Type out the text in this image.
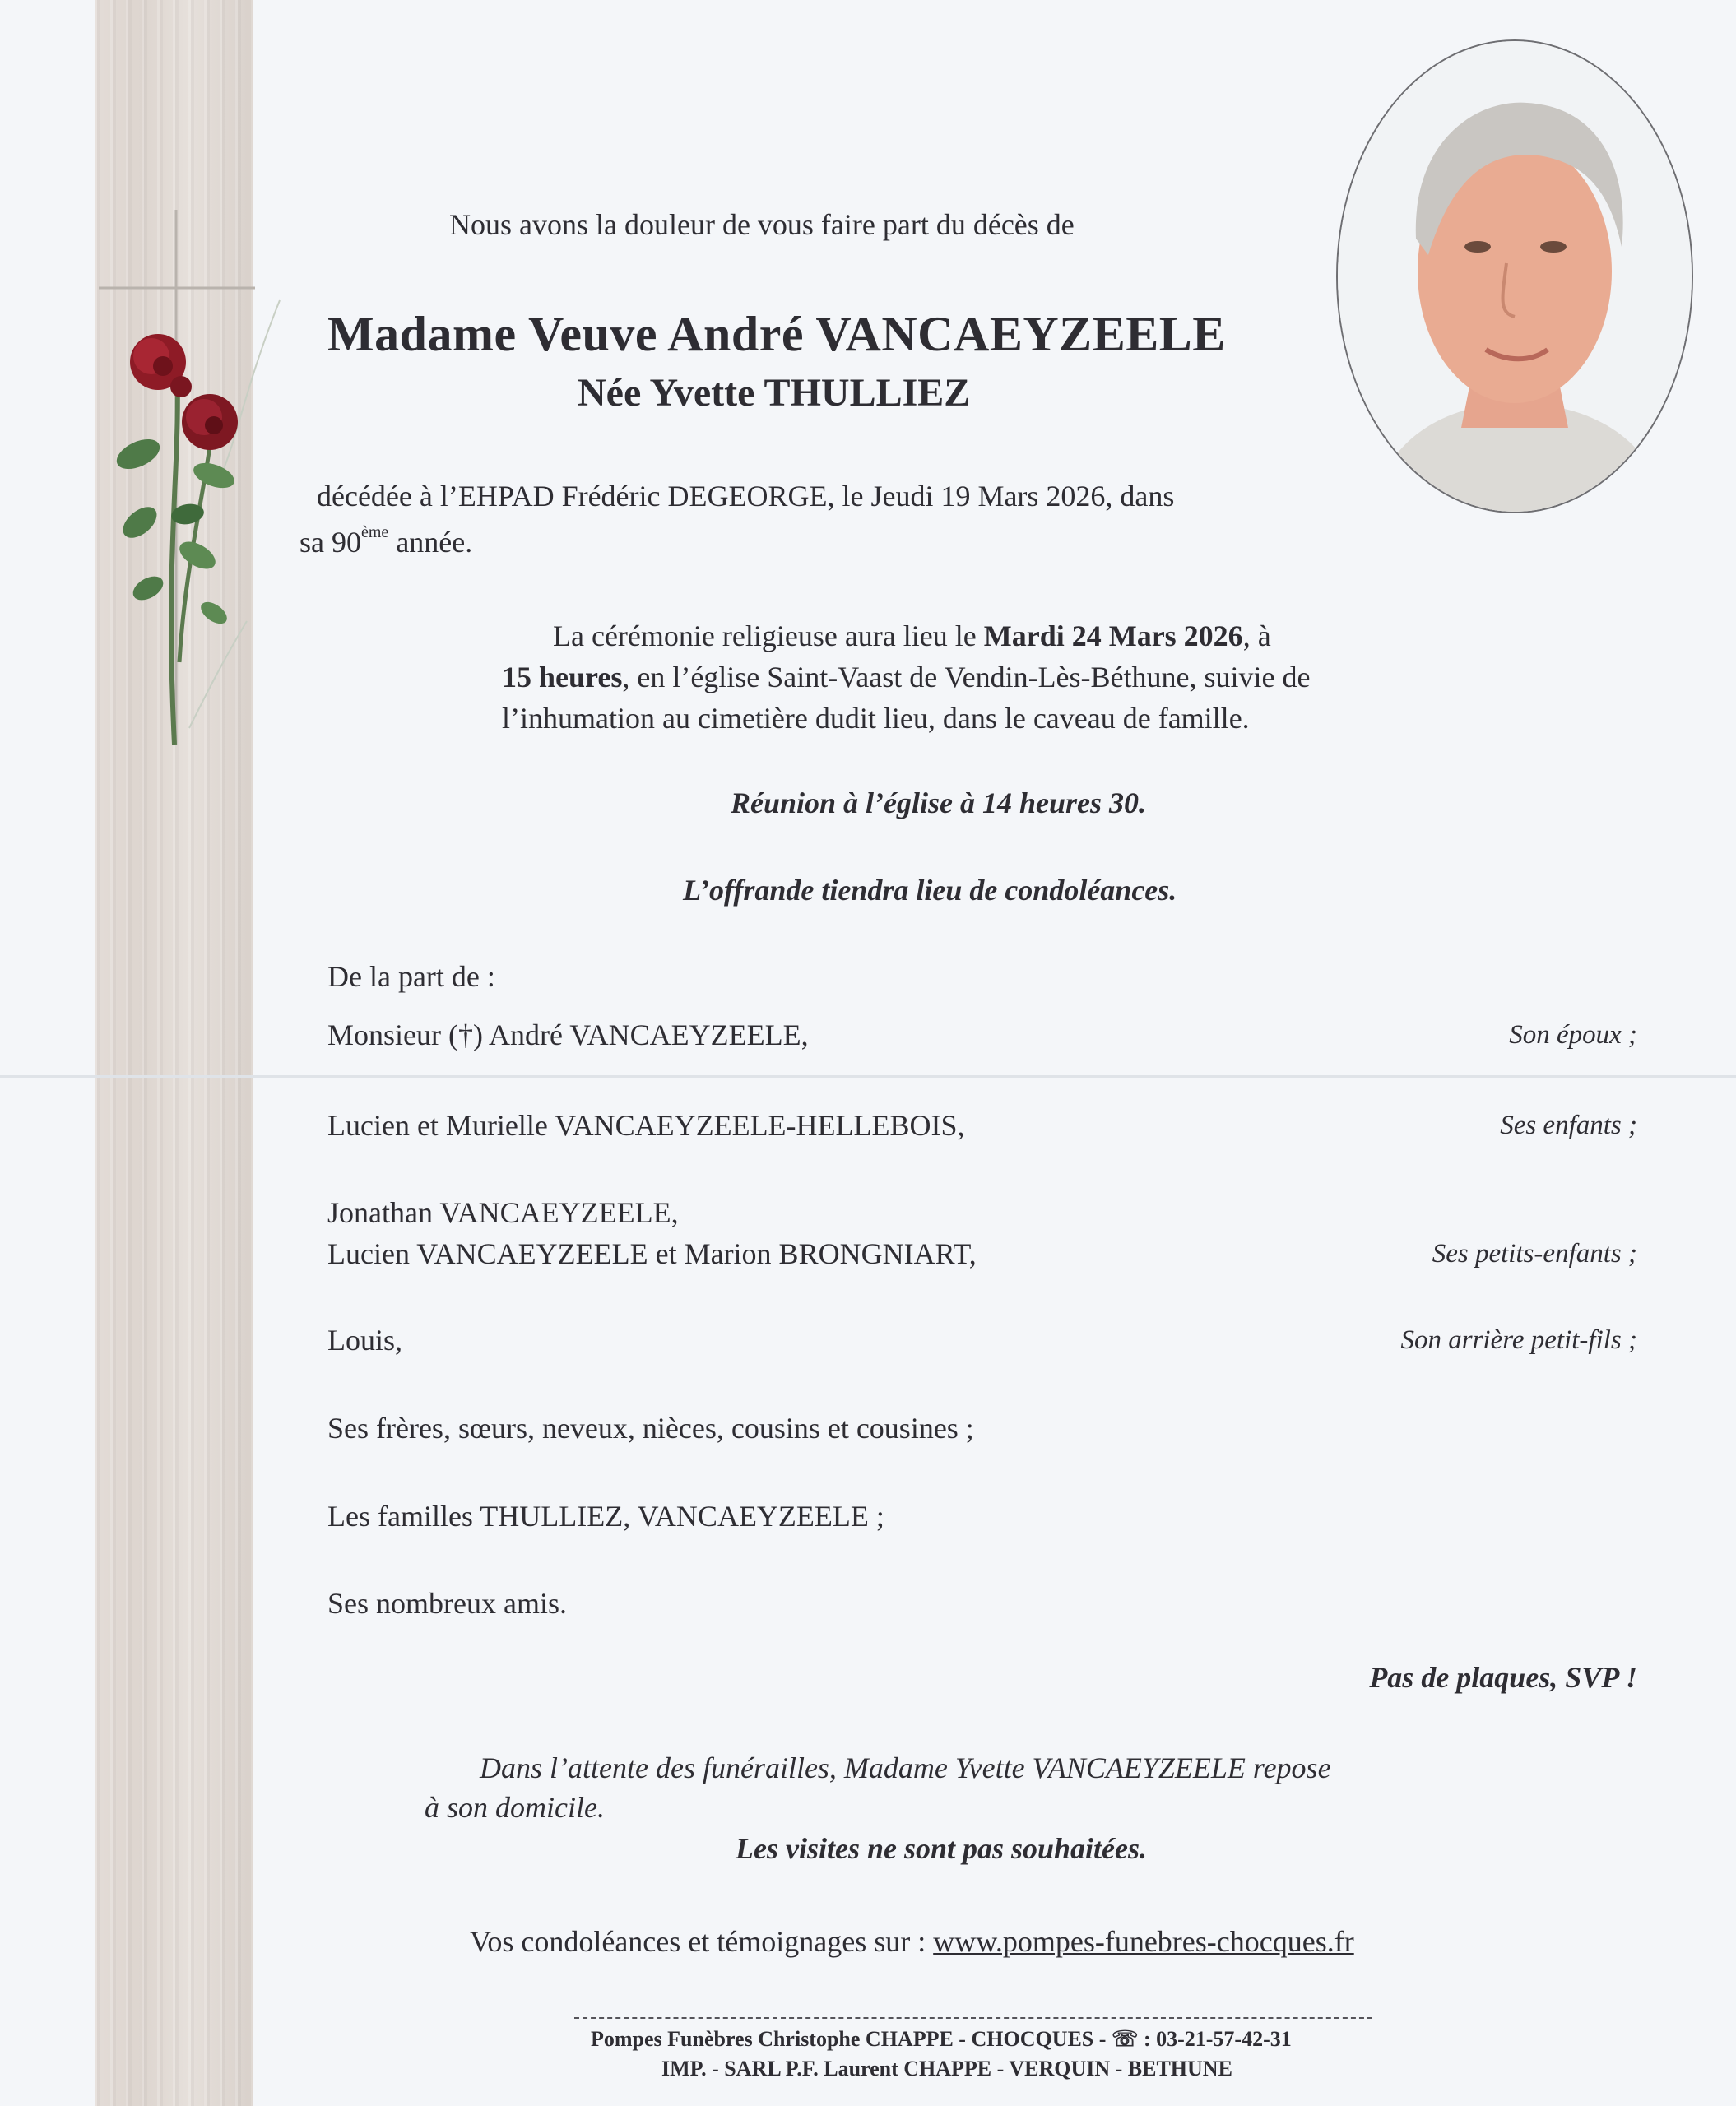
Nous avons la douleur de vous faire part du décès de
Madame Veuve André VANCAEYZEELE
Née Yvette THULLIEZ
décédée à l’EHPAD Frédéric DEGEORGE, le Jeudi 19 Mars 2026, dans
sa 90ème année.
La cérémonie religieuse aura lieu le Mardi 24 Mars 2026, à
15 heures, en l’église Saint-Vaast de Vendin-Lès-Béthune, suivie de
l’inhumation au cimetière dudit lieu, dans le caveau de famille.
Réunion à l’église à 14 heures 30.
L’offrande tiendra lieu de condoléances.
De la part de :
Monsieur (†) André VANCAEYZEELE,	Son époux ;
Lucien et Murielle VANCAEYZEELE-HELLEBOIS,	Ses enfants ;
Jonathan VANCAEYZEELE,
Lucien VANCAEYZEELE et Marion BRONGNIART,	Ses petits-enfants ;
Louis,	Son arrière petit-fils ;
Ses frères, sœurs, neveux, nièces, cousins et cousines ;
Les familles THULLIEZ, VANCAEYZEELE ;
Ses nombreux amis.
Pas de plaques, SVP !
Dans l’attente des funérailles, Madame Yvette VANCAEYZEELE repose
à son domicile.
Les visites ne sont pas souhaitées.
Vos condoléances et témoignages sur : www.pompes-funebres-chocques.fr
Pompes Funèbres Christophe CHAPPE - CHOCQUES - ☏ : 03-21-57-42-31
IMP. - SARL P.F. Laurent CHAPPE - VERQUIN - BETHUNE
